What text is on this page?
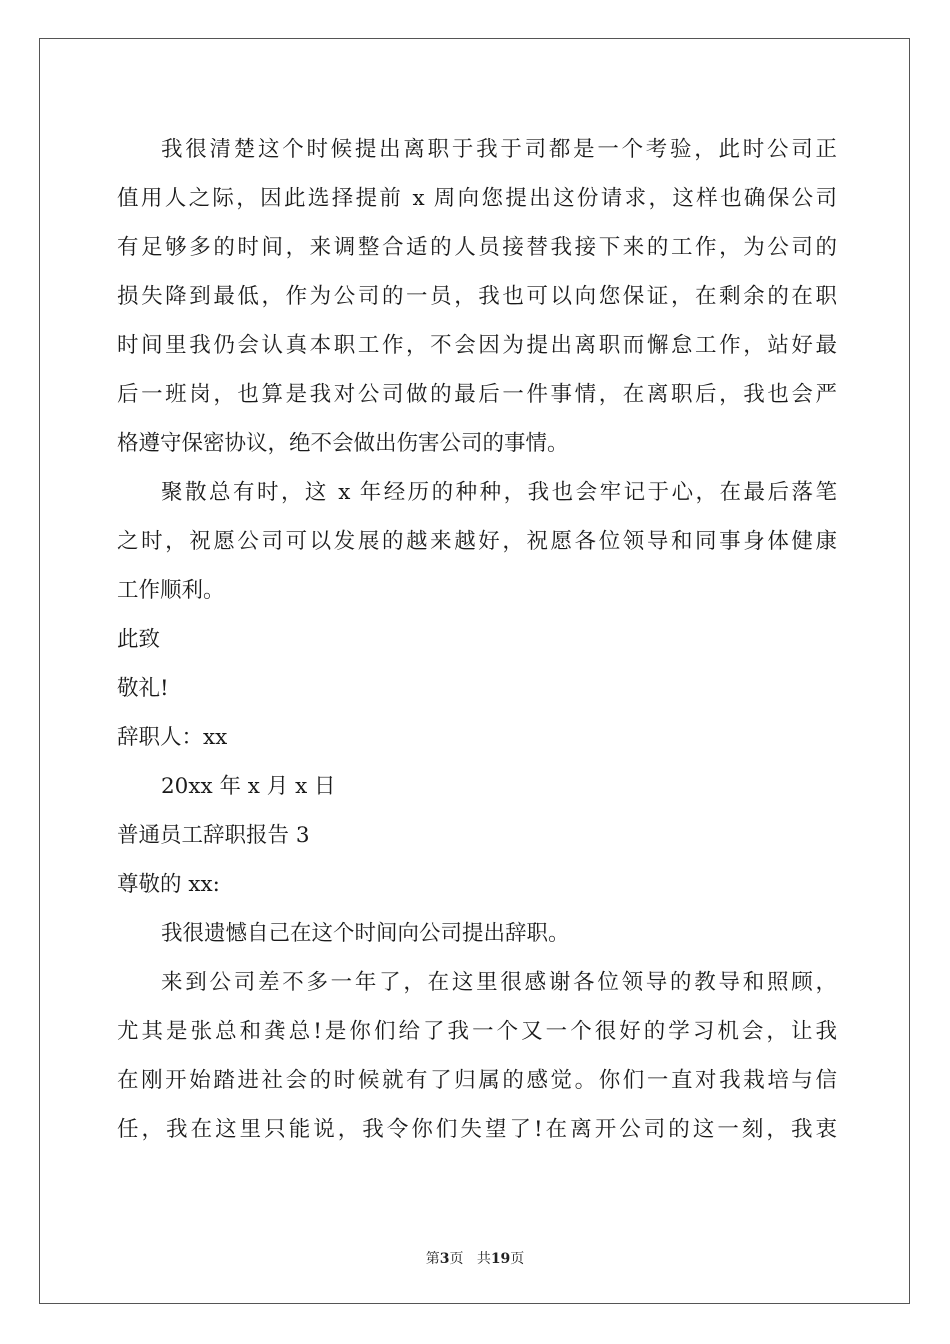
我很清楚这个时候提出离职于我于司都是一个考验，此时公司正
值用人之际，因此选择提前 x 周向您提出这份请求，这样也确保公司
有足够多的时间，来调整合适的人员接替我接下来的工作，为公司的
损失降到最低，作为公司的一员，我也可以向您保证，在剩余的在职
时间里我仍会认真本职工作，不会因为提出离职而懈怠工作，站好最
后一班岗，也算是我对公司做的最后一件事情，在离职后，我也会严
格遵守保密协议，绝不会做出伤害公司的事情。
聚散总有时，这 x 年经历的种种，我也会牢记于心，在最后落笔
之时，祝愿公司可以发展的越来越好，祝愿各位领导和同事身体健康
工作顺利。
此致
敬礼!
辞职人：xx
20xx 年 x 月 x 日
普通员工辞职报告 3
尊敬的 xx:
我很遗憾自己在这个时间向公司提出辞职。
来到公司差不多一年了，在这里很感谢各位领导的教导和照顾，
尤其是张总和龚总!是你们给了我一个又一个很好的学习机会，让我
在刚开始踏进社会的时候就有了归属的感觉。你们一直对我栽培与信
任，我在这里只能说，我令你们失望了!在离开公司的这一刻，我衷
第3页 共19页
